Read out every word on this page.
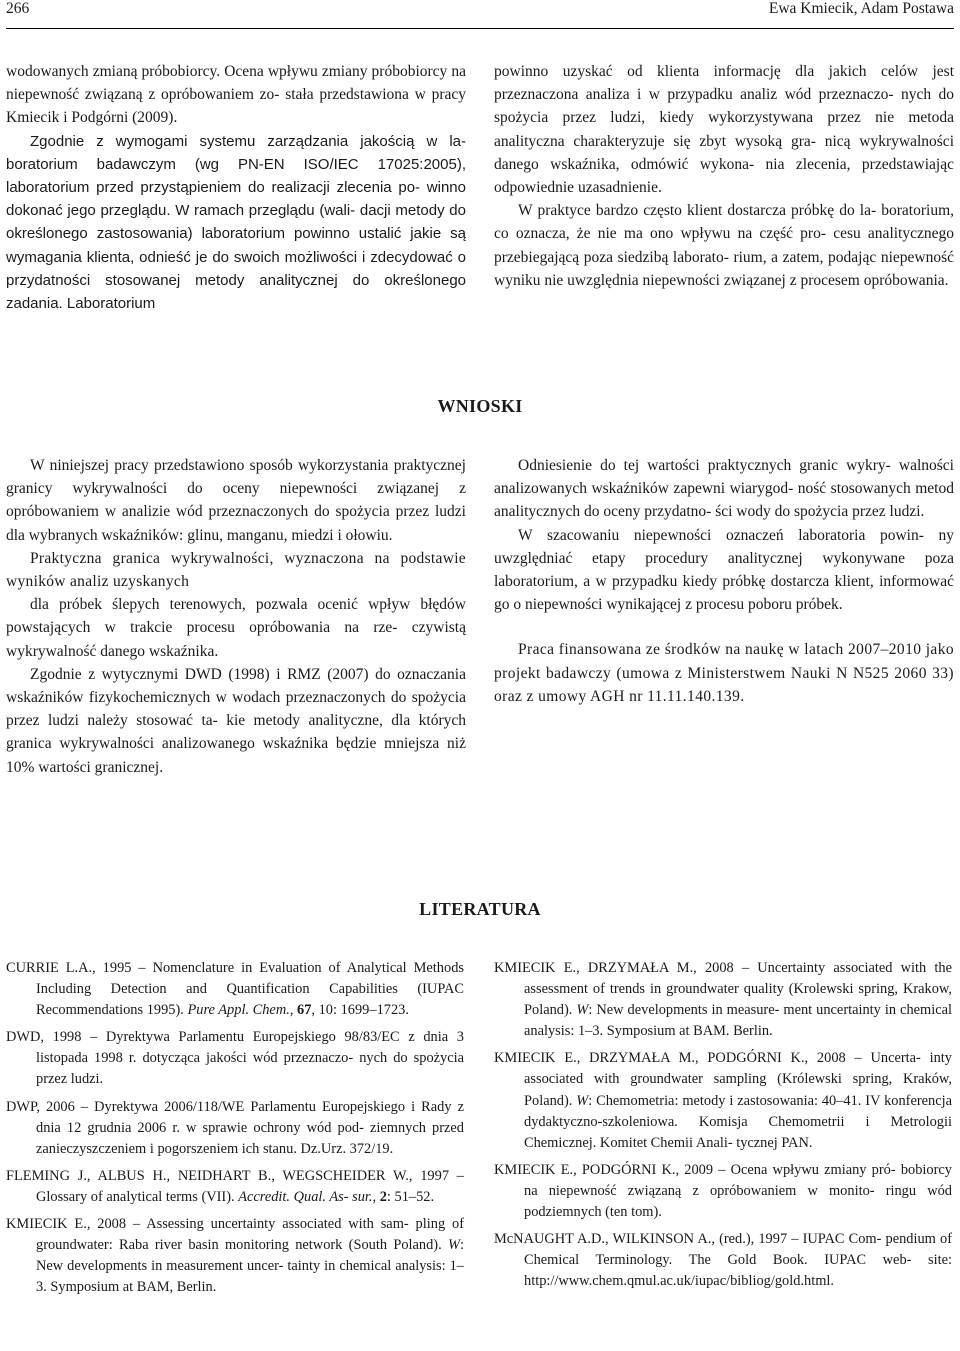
266	Ewa Kmiecik, Adam Postawa

wodowanych zmianą próbobiorcy. Ocena wpływu zmiany próbobiorcy na niepewność związaną z opróbowaniem zo- stała przedstawiona w pracy Kmiecik i Podgórni (2009).

Zgodnie z wymogami systemu zarządzania jakością w la- boratorium badawczym (wg PN-EN ISO/IEC 17025:2005), laboratorium przed przystąpieniem do realizacji zlecenia po- winno dokonać jego przeglądu. W ramach przeglądu (wali- dacji metody do określonego zastosowania) laboratorium powinno ustalić jakie są wymagania klienta, odnieść je do swoich możliwości i zdecydować o przydatności stosowanej metody analitycznej do określonego zadania. Laboratorium

powinno uzyskać od klienta informację dla jakich celów jest przeznaczona analiza i w przypadku analiz wód przeznaczo- nych do spożycia przez ludzi, kiedy wykorzystywana przez nie metoda analityczna charakteryzuje się zbyt wysoką gra- nicą wykrywalności danego wskaźnika, odmówić wykona- nia zlecenia, przedstawiając odpowiednie uzasadnienie.

W praktyce bardzo często klient dostarcza próbkę do la- boratorium, co oznacza, że nie ma ono wpływu na część pro- cesu analitycznego przebiegającą poza siedzibą laborato- rium, a zatem, podając niepewność wyniku nie uwzględnia niepewności związanej z procesem opróbowania.

WNIOSKI

W niniejszej pracy przedstawiono sposób wykorzystania praktycznej granicy wykrywalności do oceny niepewności związanej z opróbowaniem w analizie wód przeznaczonych do spożycia przez ludzi dla wybranych wskaźników: glinu, manganu, miedzi i ołowiu.

Praktyczna granica wykrywalności, wyznaczona na podstawie wyników analiz uzyskanych

dla próbek ślepych terenowych, pozwala ocenić wpływ błędów powstających w trakcie procesu opróbowania na rze- czywistą wykrywalność danego wskaźnika.

Zgodnie z wytycznymi DWD (1998) i RMZ (2007) do oznaczania wskaźników fizykochemicznych w wodach przeznaczonych do spożycia przez ludzi należy stosować ta- kie metody analityczne, dla których granica wykrywalności analizowanego wskaźnika będzie mniejsza niż 10% wartości granicznej.

Odniesienie do tej wartości praktycznych granic wykry- walności analizowanych wskaźników zapewni wiarygod- ność stosowanych metod analitycznych do oceny przydatno- ści wody do spożycia przez ludzi.

W szacowaniu niepewności oznaczeń laboratoria powin- ny uwzględniać etapy procedury analitycznej wykonywane poza laboratorium, a w przypadku kiedy próbkę dostarcza klient, informować go o niepewności wynikającej z procesu poboru próbek.

Praca finansowana ze środków na naukę w latach 2007–2010 jako projekt badawczy (umowa z Ministerstwem Nauki N N525 2060 33) oraz z umowy AGH nr 11.11.140.139.

LITERATURA

CURRIE L.A., 1995 – Nomenclature in Evaluation of Analytical Methods Including Detection and Quantification Capabilities (IUPAC Recommendations 1995). Pure Appl. Chem., 67, 10: 1699–1723.

DWD, 1998 – Dyrektywa Parlamentu Europejskiego 98/83/EC z dnia 3 listopada 1998 r. dotycząca jakości wód przeznaczo- nych do spożycia przez ludzi.

DWP, 2006 – Dyrektywa 2006/118/WE Parlamentu Europejskiego i Rady z dnia 12 grudnia 2006 r. w sprawie ochrony wód pod- ziemnych przed zanieczyszczeniem i pogorszeniem ich stanu. Dz.Urz. 372/19.

FLEMING J., ALBUS H., NEIDHART B., WEGSCHEIDER W., 1997 – Glossary of analytical terms (VII). Accredit. Qual. As- sur., 2: 51–52.

KMIECIK E., 2008 – Assessing uncertainty associated with sam- pling of groundwater: Raba river basin monitoring network (South Poland). W: New developments in measurement uncer- tainty in chemical analysis: 1–3. Symposium at BAM, Berlin.

KMIECIK E., DRZYMAŁA M., 2008 – Uncertainty associated with the assessment of trends in groundwater quality (Krolewski spring, Krakow, Poland). W: New developments in measure- ment uncertainty in chemical analysis: 1–3. Symposium at BAM. Berlin.

KMIECIK E., DRZYMAŁA M., PODGÓRNI K., 2008 – Uncerta- inty associated with groundwater sampling (Królewski spring, Kraków, Poland). W: Chemometria: metody i zastosowania: 40–41. IV konferencja dydaktyczno-szkoleniowa. Komisja Chemometrii i Metrologii Chemicznej. Komitet Chemii Anali- tycznej PAN.

KMIECIK E., PODGÓRNI K., 2009 – Ocena wpływu zmiany pró- bobiorcy na niepewność związaną z opróbowaniem w monito- ringu wód podziemnych (ten tom).

McNAUGHT A.D., WILKINSON A., (red.), 1997 – IUPAC Com- pendium of Chemical Terminology. The Gold Book. IUPAC web- site: http://www.chem.qmul.ac.uk/iupac/bibliog/gold.html.
